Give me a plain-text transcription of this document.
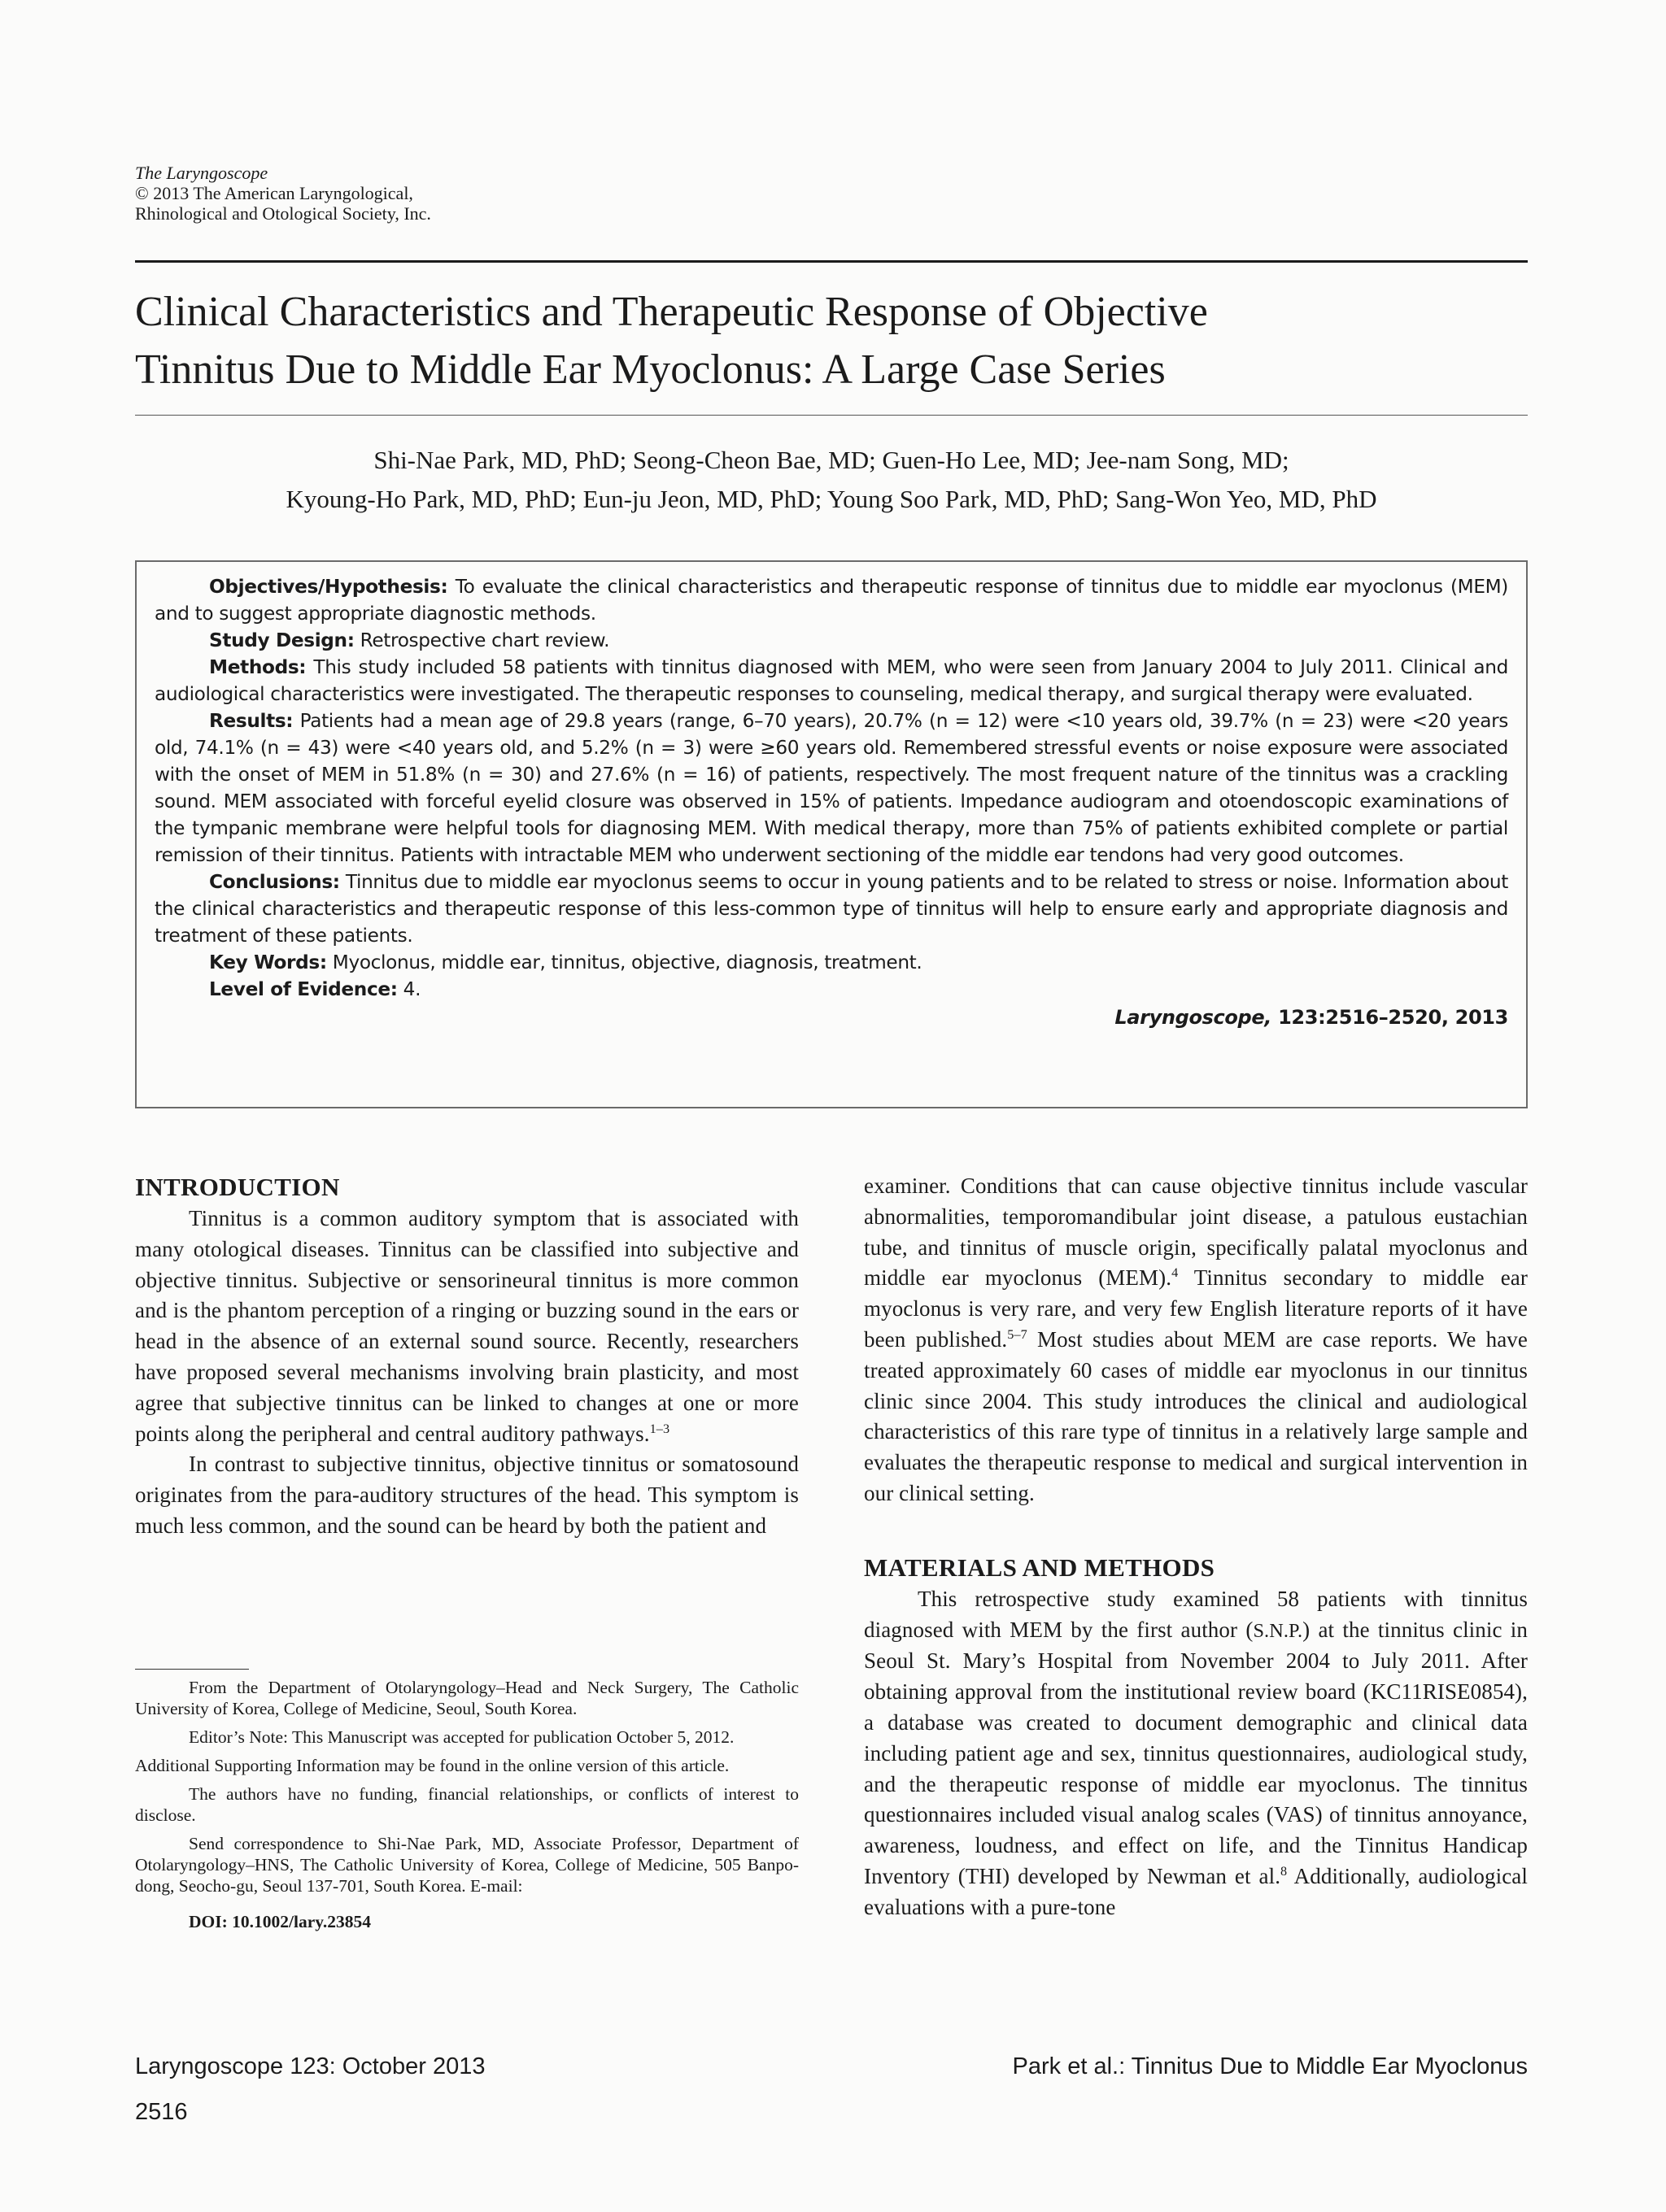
The Laryngoscope
© 2013 The American Laryngological,
Rhinological and Otological Society, Inc.
Clinical Characteristics and Therapeutic Response of Objective
Tinnitus Due to Middle Ear Myoclonus: A Large Case Series
Shi-Nae Park, MD, PhD; Seong-Cheon Bae, MD; Guen-Ho Lee, MD; Jee-nam Song, MD;
Kyoung-Ho Park, MD, PhD; Eun-ju Jeon, MD, PhD; Young Soo Park, MD, PhD; Sang-Won Yeo, MD, PhD

Objectives/Hypothesis: To evaluate the clinical characteristics and therapeutic response of tinnitus due to middle ear myoclonus (MEM) and to suggest appropriate diagnostic methods.

Study Design: Retrospective chart review.

Methods: This study included 58 patients with tinnitus diagnosed with MEM, who were seen from January 2004 to July 2011. Clinical and audiological characteristics were investigated. The therapeutic responses to counseling, medical therapy, and surgical therapy were evaluated.

Results: Patients had a mean age of 29.8 years (range, 6–70 years), 20.7% (n = 12) were <10 years old, 39.7% (n = 23) were <20 years old, 74.1% (n = 43) were <40 years old, and 5.2% (n = 3) were ≥60 years old. Remembered stressful events or noise exposure were associated with the onset of MEM in 51.8% (n = 30) and 27.6% (n = 16) of patients, respectively. The most frequent nature of the tinnitus was a crackling sound. MEM associated with forceful eyelid closure was observed in 15% of patients. Impedance audiogram and otoendoscopic examinations of the tympanic membrane were helpful tools for diagnosing MEM. With medical therapy, more than 75% of patients exhibited complete or partial remission of their tinnitus. Patients with intractable MEM who underwent sectioning of the middle ear tendons had very good outcomes.

Conclusions: Tinnitus due to middle ear myoclonus seems to occur in young patients and to be related to stress or noise. Information about the clinical characteristics and therapeutic response of this less-common type of tinnitus will help to ensure early and appropriate diagnosis and treatment of these patients.

Key Words: Myoclonus, middle ear, tinnitus, objective, diagnosis, treatment.

Level of Evidence: 4.

Laryngoscope, 123:2516–2520, 2013
INTRODUCTION

Tinnitus is a common auditory symptom that is associated with many otological diseases. Tinnitus can be classified into subjective and objective tinnitus. Subjective or sensorineural tinnitus is more common and is the phantom perception of a ringing or buzzing sound in the ears or head in the absence of an external sound source. Recently, researchers have proposed several mechanisms involving brain plasticity, and most agree that subjective tinnitus can be linked to changes at one or more points along the peripheral and central auditory pathways.$^{1-3}$

In contrast to subjective tinnitus, objective tinnitus or somatosound originates from the para-auditory structures of the head. This symptom is much less common, and the sound can be heard by both the patient and

From the Department of Otolaryngology–Head and Neck Surgery, The Catholic University of Korea, College of Medicine, Seoul, South Korea.

Editor’s Note: This Manuscript was accepted for publication October 5, 2012.

Additional Supporting Information may be found in the online version of this article.

The authors have no funding, financial relationships, or conflicts of interest to disclose.

Send correspondence to Shi-Nae Park, MD, Associate Professor, Department of Otolaryngology–HNS, The Catholic University of Korea, College of Medicine, 505 Banpo-dong, Seocho-gu, Seoul 137-701, South Korea. E-mail:

DOI: 10.1002/lary.23854

examiner. Conditions that can cause objective tinnitus include vascular abnormalities, temporomandibular joint disease, a patulous eustachian tube, and tinnitus of muscle origin, specifically palatal myoclonus and middle ear myoclonus (MEM).$^4$ Tinnitus secondary to middle ear myoclonus is very rare, and very few English literature reports of it have been published.$^{5-7}$ Most studies about MEM are case reports. We have treated approximately 60 cases of middle ear myoclonus in our tinnitus clinic since 2004. This study introduces the clinical and audiological characteristics of this rare type of tinnitus in a relatively large sample and evaluates the therapeutic response to medical and surgical intervention in our clinical setting.

MATERIALS AND METHODS

This retrospective study examined 58 patients with tinnitus diagnosed with MEM by the first author (S.N.P.) at the tinnitus clinic in Seoul St. Mary’s Hospital from November 2004 to July 2011. After obtaining approval from the institutional review board (KC11RISE0854), a database was created to document demographic and clinical data including patient age and sex, tinnitus questionnaires, audiological study, and the therapeutic response of middle ear myoclonus. The tinnitus questionnaires included visual analog scales (VAS) of tinnitus annoyance, awareness, loudness, and effect on life, and the Tinnitus Handicap Inventory (THI) developed by Newman et al.$^8$ Additionally, audiological evaluations with a pure-tone

Laryngoscope 123: October 2013	Park et al.: Tinnitus Due to Middle Ear Myoclonus
2516
